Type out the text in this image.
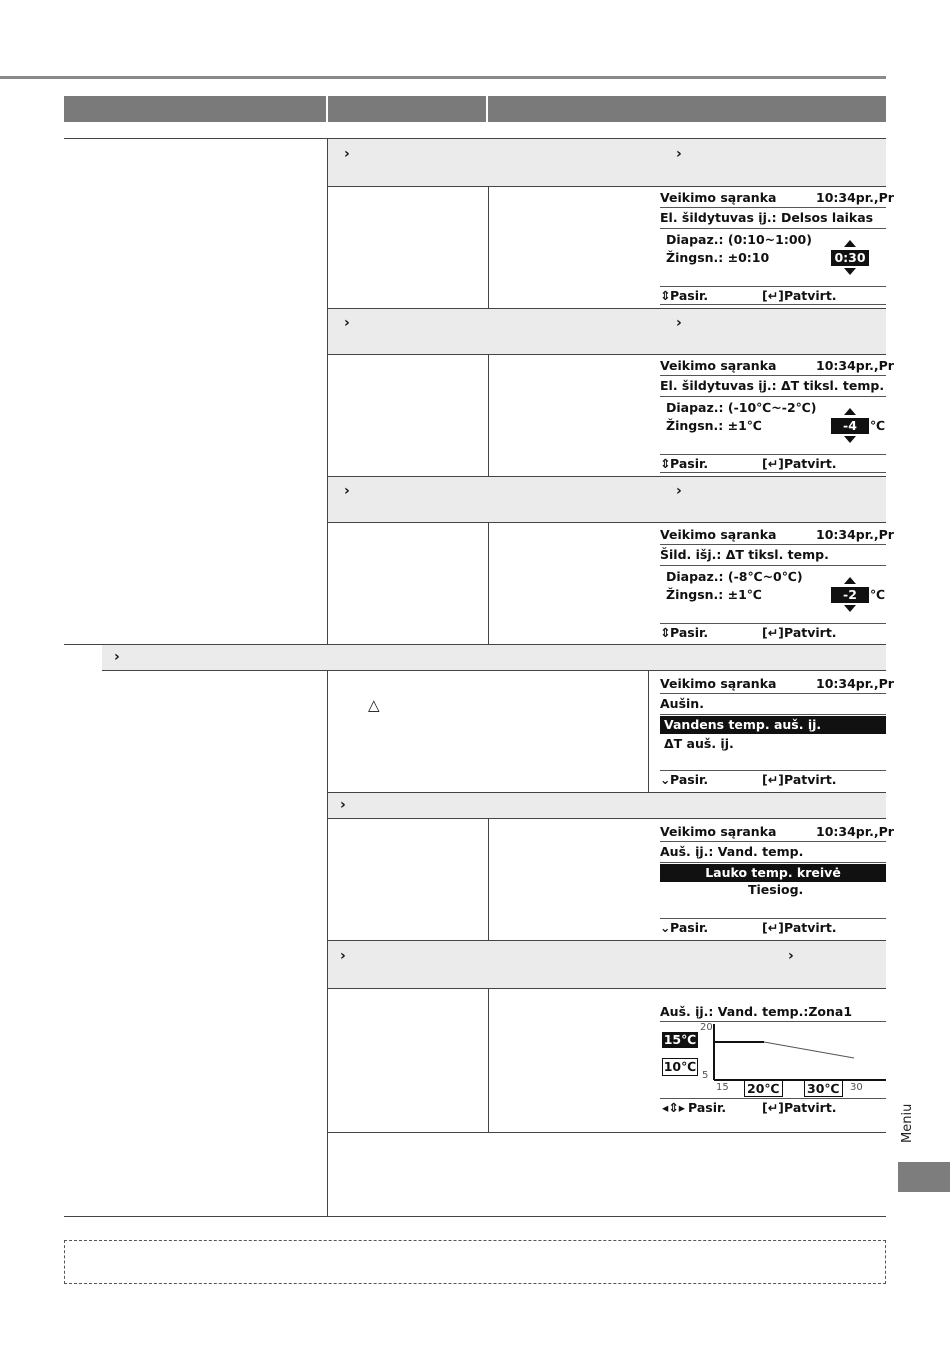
›	›
›	›
›	›
Veikimo sąranka	10:34pr.,Pr
El. šildytuvas įj.: Delsos laikas
Diapaz.: (0:10~1:00)
Žingsn.: ±0:10	0:30
⇕ Pasir.	[↵] Patvirt.
Veikimo sąranka	10:34pr.,Pr
El. šildytuvas įj.: ΔT tiksl. temp.
Diapaz.: (-10℃~-2℃)
Žingsn.: ±1℃	-4	℃
⇕ Pasir.	[↵] Patvirt.
Veikimo sąranka	10:34pr.,Pr
Šild. išj.: ΔT tiksl. temp.
Diapaz.: (-8℃~0℃)
Žingsn.: ±1℃	-2	℃
⇕ Pasir.	[↵] Patvirt.
›
△
Veikimo sąranka	10:34pr.,Pr
Aušin.
Vandens temp. auš. įj.
ΔT auš. įj.
⌄ Pasir.	[↵] Patvirt.
›
Veikimo sąranka	10:34pr.,Pr
Auš. įj.: Vand. temp.
Lauko temp. kreivė
Tiesiog.
⌄ Pasir.	[↵] Patvirt.
›	›
Auš. įj.: Vand. temp.:Zona1
15℃
10℃
20
5
15 20℃ 30℃	30
◂⇕▸ Pasir.	[↵] Patvirt.	Meniu
